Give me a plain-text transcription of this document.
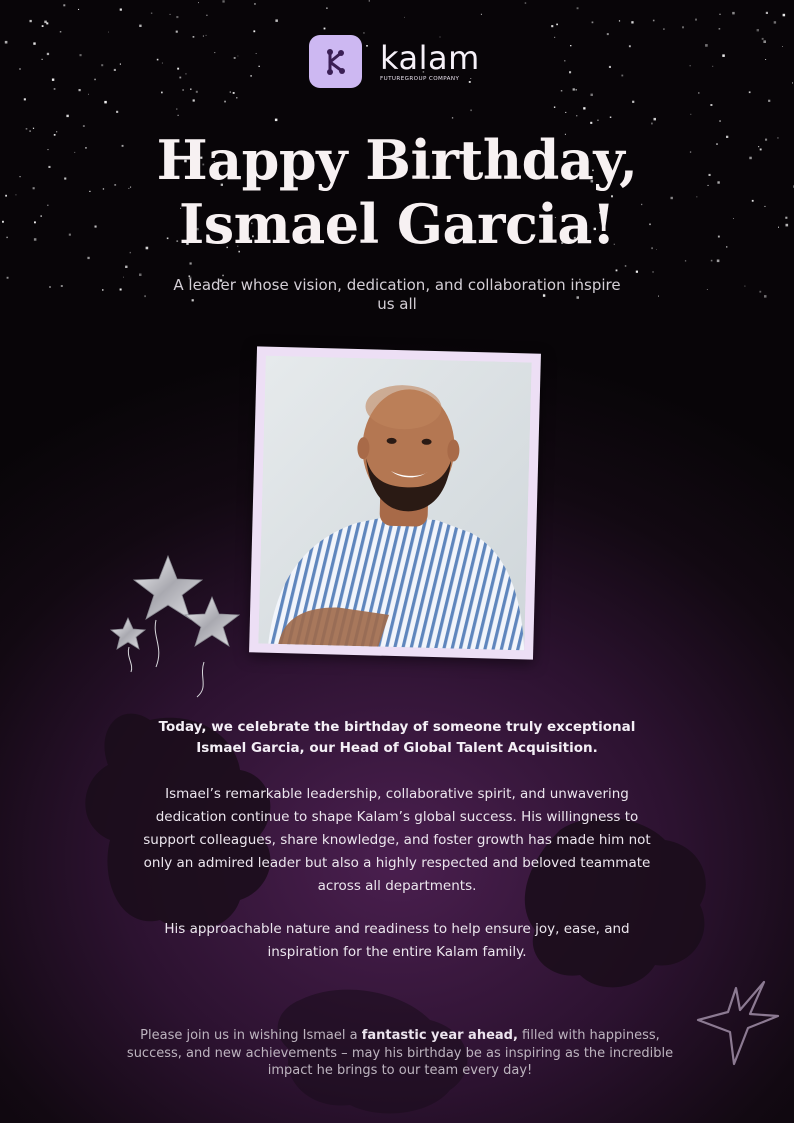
kalam
FUTUREGROUP COMPANY
Happy Birthday,
Ismael Garcia!

A leader whose vision, dedication, and collaboration inspire us all

Today, we celebrate the birthday of someone truly exceptional Ismael Garcia, our Head of Global Talent Acquisition.

Ismael’s remarkable leadership, collaborative spirit, and unwavering dedication continue to shape Kalam’s global success. His willingness to support colleagues, share knowledge, and foster growth has made him not only an admired leader but also a highly respected and beloved teammate across all departments.

His approachable nature and readiness to help ensure joy, ease, and inspiration for the entire Kalam family.

Please join us in wishing Ismael a fantastic year ahead, filled with happiness, success, and new achievements – may his birthday be as inspiring as the incredible impact he brings to our team every day!
